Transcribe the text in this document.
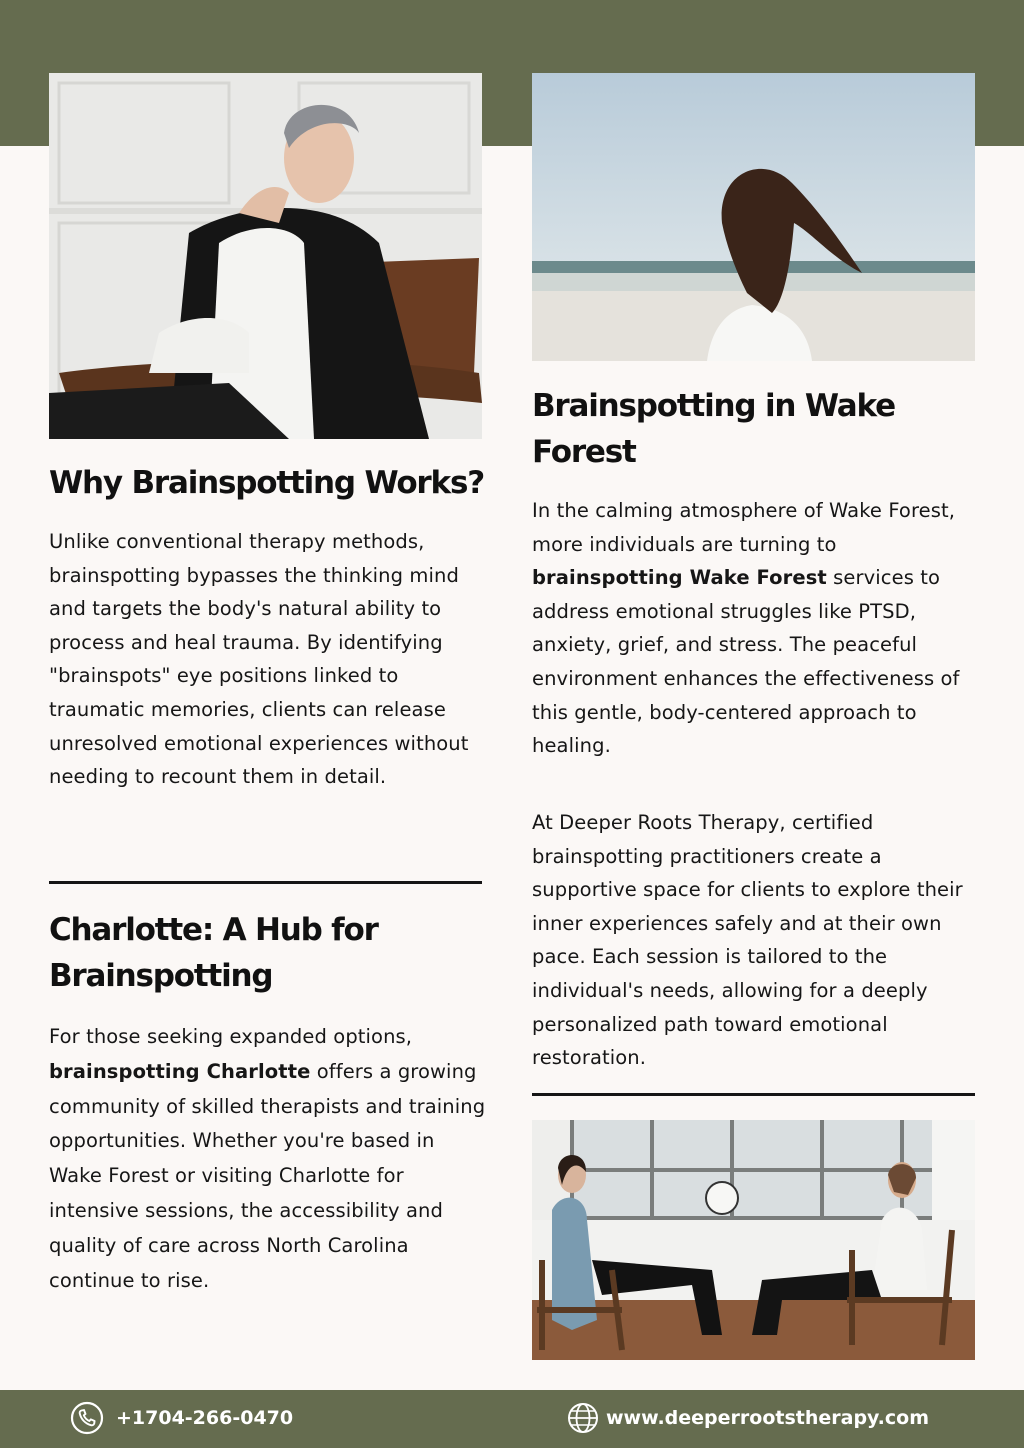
Why Brainspotting Works?

Unlike conventional therapy methods, brainspotting bypasses the thinking mind and targets the body's natural ability to process and heal trauma. By identifying "brainspots" eye positions linked to traumatic memories, clients can release unresolved emotional experiences without needing to recount them in detail.

Charlotte: A Hub for Brainspotting

For those seeking expanded options, brainspotting Charlotte offers a growing community of skilled therapists and training opportunities. Whether you're based in Wake Forest or visiting Charlotte for intensive sessions, the accessibility and quality of care across North Carolina continue to rise.

Brainspotting in Wake Forest

In the calming atmosphere of Wake Forest, more individuals are turning to brainspotting Wake Forest services to address emotional struggles like PTSD, anxiety, grief, and stress. The peaceful environment enhances the effectiveness of this gentle, body-centered approach to healing.

At Deeper Roots Therapy, certified brainspotting practitioners create a supportive space for clients to explore their inner experiences safely and at their own pace. Each session is tailored to the individual's needs, allowing for a deeply personalized path toward emotional restoration.

+1704-266-0470	www.deeperrootstherapy.com
